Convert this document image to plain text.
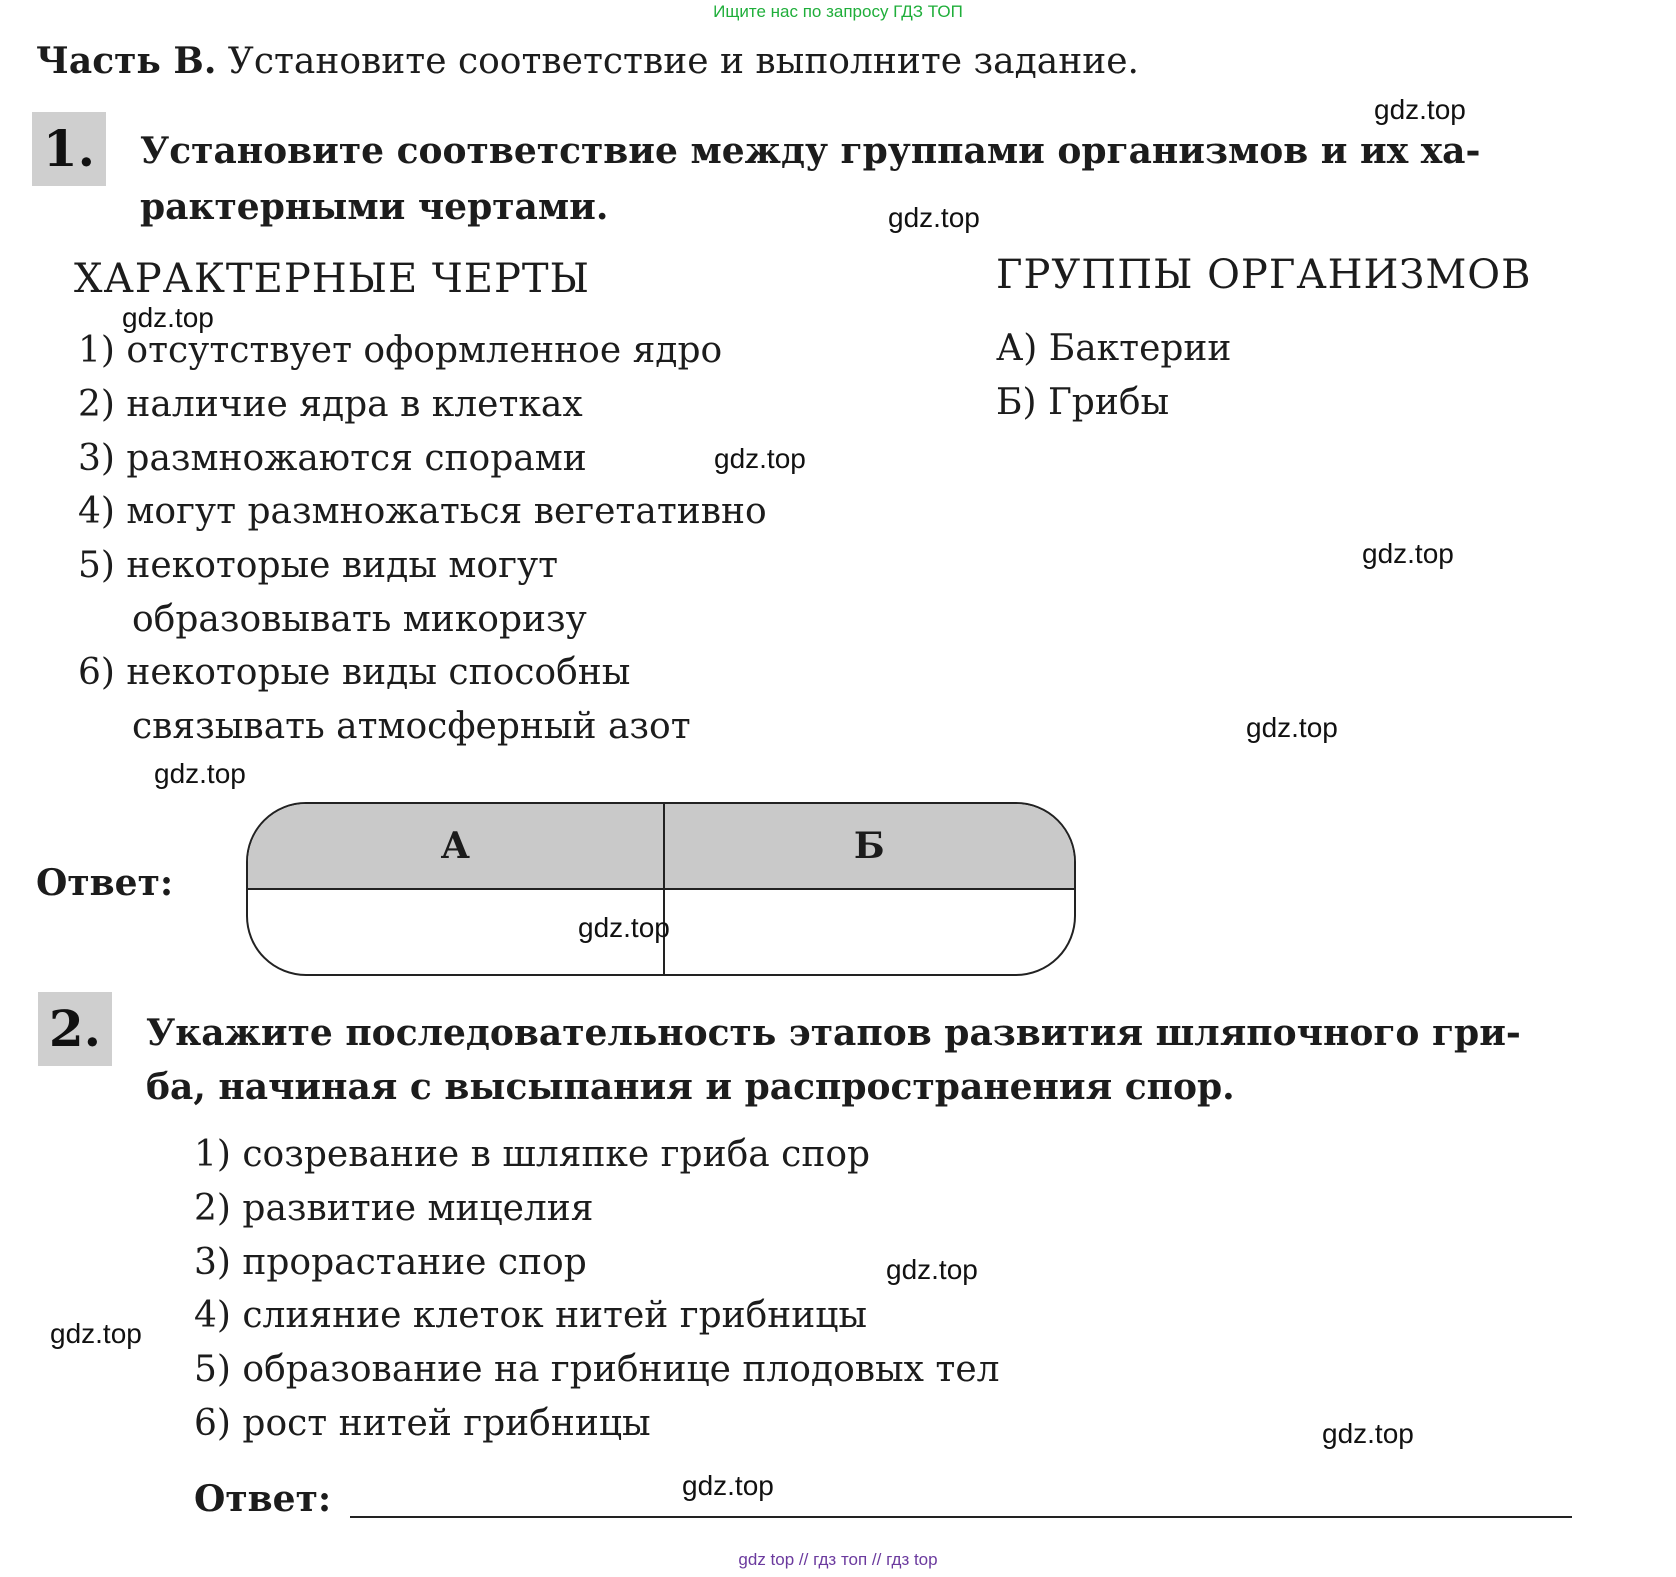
Ищите нас по запросу ГДЗ ТОП
Часть В. Установите соответствие и выполните задание.
1.	Установите соответствие между группами организмов и их ха-
рактерными чертами.
ХАРАКТЕРНЫЕ ЧЕРТЫ	ГРУППЫ ОРГАНИЗМОВ
1) отсутствует оформленное ядро
2) наличие ядра в клетках
3) размножаются спорами
4) могут размножаться вегетативно
5) некоторые виды могут
образовывать микоризу
6) некоторые виды способны
связывать атмосферный азот
А) Бактерии
Б) Грибы
Ответ:
А	Б

2.	Укажите последовательность этапов развития шляпочного гри-
ба, начиная с высыпания и распространения спор.
1) созревание в шляпке гриба спор
2) развитие мицелия
3) прорастание спор
4) слияние клеток нитей грибницы
5) образование на грибнице плодовых тел
6) рост нитей грибницы
Ответ:
gdz.top
gdz.top
gdz.top
gdz.top
gdz.top
gdz.top
gdz.top
gdz.top
gdz.top
gdz.top
gdz.top
gdz.top
gdz top // гдз топ // гдз top
